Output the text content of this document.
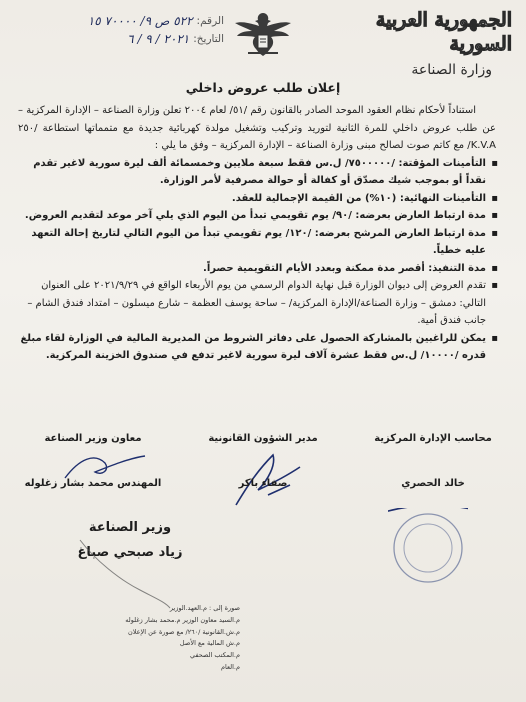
الجمهورية العربية السورية
وزارة الصناعة
الرقم:
٥٢٢ ص ٩/ ٧٠٠٠٠ ١٥
التاريخ:
٢٠٢١ / ٩ / ٦
إعلان طلب عروض داخلي

استناداً لأحكام نظام العقود الموحد الصادر بالقانون رقم /٥١/ لعام ٢٠٠٤ تعلن وزارة الصناعة – الإدارة المركزية – عن طلب عروض داخلي للمرة الثانية لتوريد وتركيب وتشغيل مولدة كهربائية جديدة مع متمماتها استطاعة /٢٥٠ K.V.A/ مع كاتم صوت لصالح مبنى وزارة الصناعة – الإدارة المركزية – وفق ما يلي :

▪ التأمينات المؤقتة: /٧٥٠٠٠٠٠/ ل.س فقط سبعة ملايين وخمسمائة ألف ليرة سورية لاغير تقدم نقداً أو بموجب شيك مصدّق أو كفالة أو حوالة مصرفية لأمر الوزارة.
▪ التأمينات النهائية: (١٠%) من القيمة الإجمالية للعقد.
▪ مدة ارتباط العارض بعرضه: /٩٠/ يوم تقويمي تبدأ من اليوم الذي يلي آخر موعد لتقديم العروض.
▪ مدة ارتباط العارض المرشح بعرضه: /١٢٠/ يوم تقويمي تبدأ من اليوم التالي لتاريخ إحالة التعهد عليه خطياً.
▪ مدة التنفيذ: أقصر مدة ممكنة وبعدد الأيام التقويمية حصراً.
▪ تقدم العروض إلى ديوان الوزارة قبل نهاية الدوام الرسمي من يوم الأربعاء الواقع في ٢٠٢١/٩/٢٩ على العنوان التالي: دمشق – وزارة الصناعة/الإدارة المركزية/ – ساحة يوسف العظمة – شارع ميسلون – امتداد فندق الشام – جانب فندق أمية.
▪ يمكن للراغبين بالمشاركة الحصول على دفاتر الشروط من المديرية المالية في الوزارة لقاء مبلغ قدره /١٠٠٠٠/ ل.س فقط عشرة آلاف ليرة سورية لاغير تدفع في صندوق الخزينة المركزية.
محاسب الإدارة المركزية
مدير الشؤون القانونية
معاون وزير الصناعة
خالد الحصري
صفاء باكر
المهندس محمد بشار زغلوله
وزير الصناعة
زياد صبحي صباغ
صورة إلى : م.العهد.الوزير
م.السيد معاون الوزير م.محمد بشار زغلوله
م.ش.القانونية /٢٦٠/ مع صورة عن الإعلان
م.ش المالية مع الأصل
م.المكتب الصحفي
م.العام
